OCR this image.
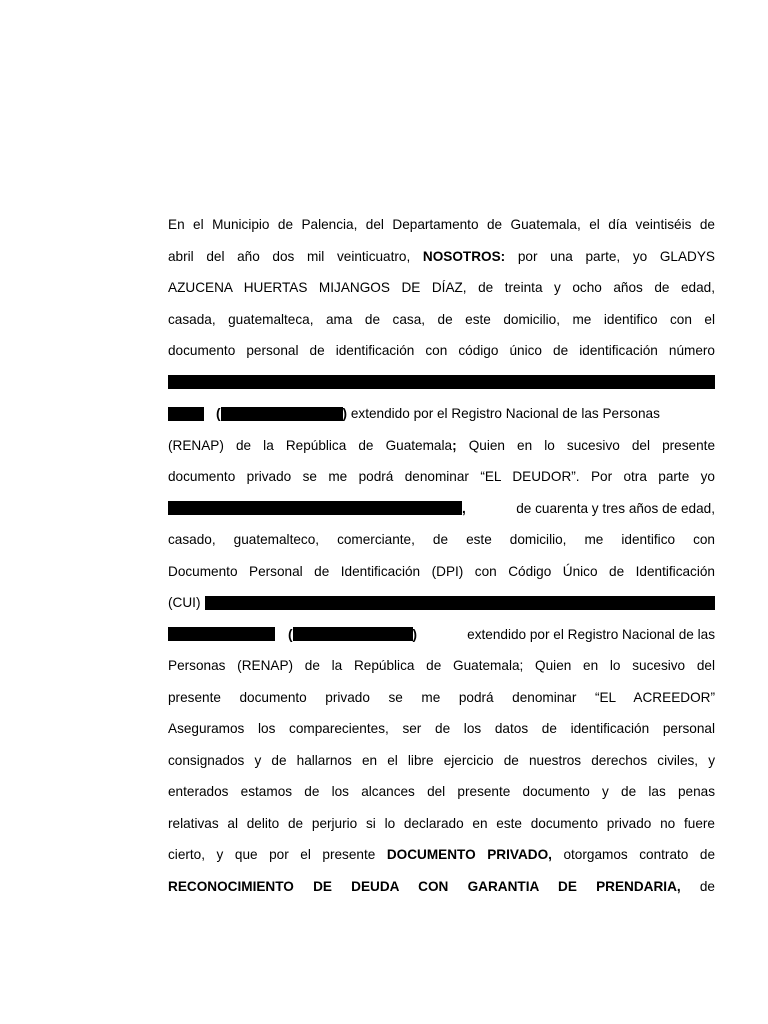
En el Municipio de Palencia, del Departamento de Guatemala, el día veintiséis de
abril del año dos mil veinticuatro, NOSOTROS: por una parte, yo GLADYS
AZUCENA HUERTAS MIJANGOS DE DÍAZ, de treinta y ocho años de edad,
casada, guatemalteca, ama de casa, de este domicilio, me identifico con el
documento personal de identificación con código único de identificación número
(	) extendido por el Registro Nacional de las Personas
(RENAP) de la República de Guatemala; Quien en lo sucesivo del presente
documento privado se me podrá denominar “EL DEUDOR”. Por otra parte yo
,	de cuarenta y tres años de edad,
casado, guatemalteco, comerciante, de este domicilio, me identifico con
Documento Personal de Identificación (DPI) con Código Único de Identificación
(CUI)
(	)	extendido por el Registro Nacional de las
Personas (RENAP) de la República de Guatemala; Quien en lo sucesivo del
presente documento privado se me podrá denominar “EL ACREEDOR”
Aseguramos los comparecientes, ser de los datos de identificación personal
consignados y de hallarnos en el libre ejercicio de nuestros derechos civiles, y
enterados estamos de los alcances del presente documento y de las penas
relativas al delito de perjurio si lo declarado en este documento privado no fuere
cierto, y que por el presente DOCUMENTO PRIVADO, otorgamos contrato de
RECONOCIMIENTO DE DEUDA CON GARANTIA DE PRENDARIA, de
